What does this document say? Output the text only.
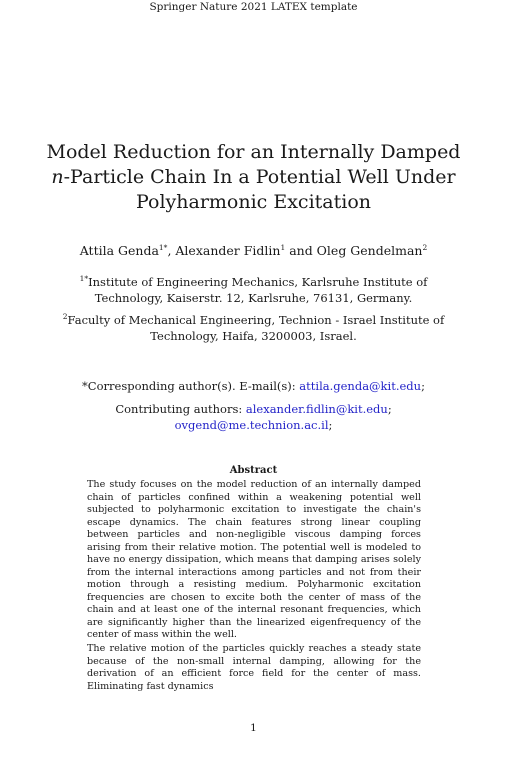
Springer Nature 2021 LATEX template
Model Reduction for an Internally Damped
n-Particle Chain In a Potential Well Under
Polyharmonic Excitation
Attila Genda$^{1*}$, Alexander Fidlin$^1$ and Oleg Gendelman$^2$
$^{1*}$Institute of Engineering Mechanics, Karlsruhe Institute of Technology, Kaiserstr. 12, Karlsruhe, 76131, Germany.
$^2$Faculty of Mechanical Engineering, Technion - Israel Institute of Technology, Haifa, 3200003, Israel.
*Corresponding author(s). E-mail(s): attila.genda@kit.edu;
Contributing authors: alexander.fidlin@kit.edu;
ovgend@me.technion.ac.il;
Abstract

The study focuses on the model reduction of an internally damped chain of particles confined within a weakening potential well subjected to polyharmonic excitation to investigate the chain's escape dynamics. The chain features strong linear coupling between particles and non-negligible viscous damping forces arising from their relative motion. The potential well is modeled to have no energy dissipation, which means that damping arises solely from the internal interactions among particles and not from their motion through a resisting medium. Polyharmonic excitation frequencies are chosen to excite both the center of mass of the chain and at least one of the internal resonant frequencies, which are significantly higher than the linearized eigenfrequency of the center of mass within the well.

The relative motion of the particles quickly reaches a steady state because of the non-small internal damping, allowing for the derivation of an efficient force field for the center of mass. Eliminating fast dynamics

1
